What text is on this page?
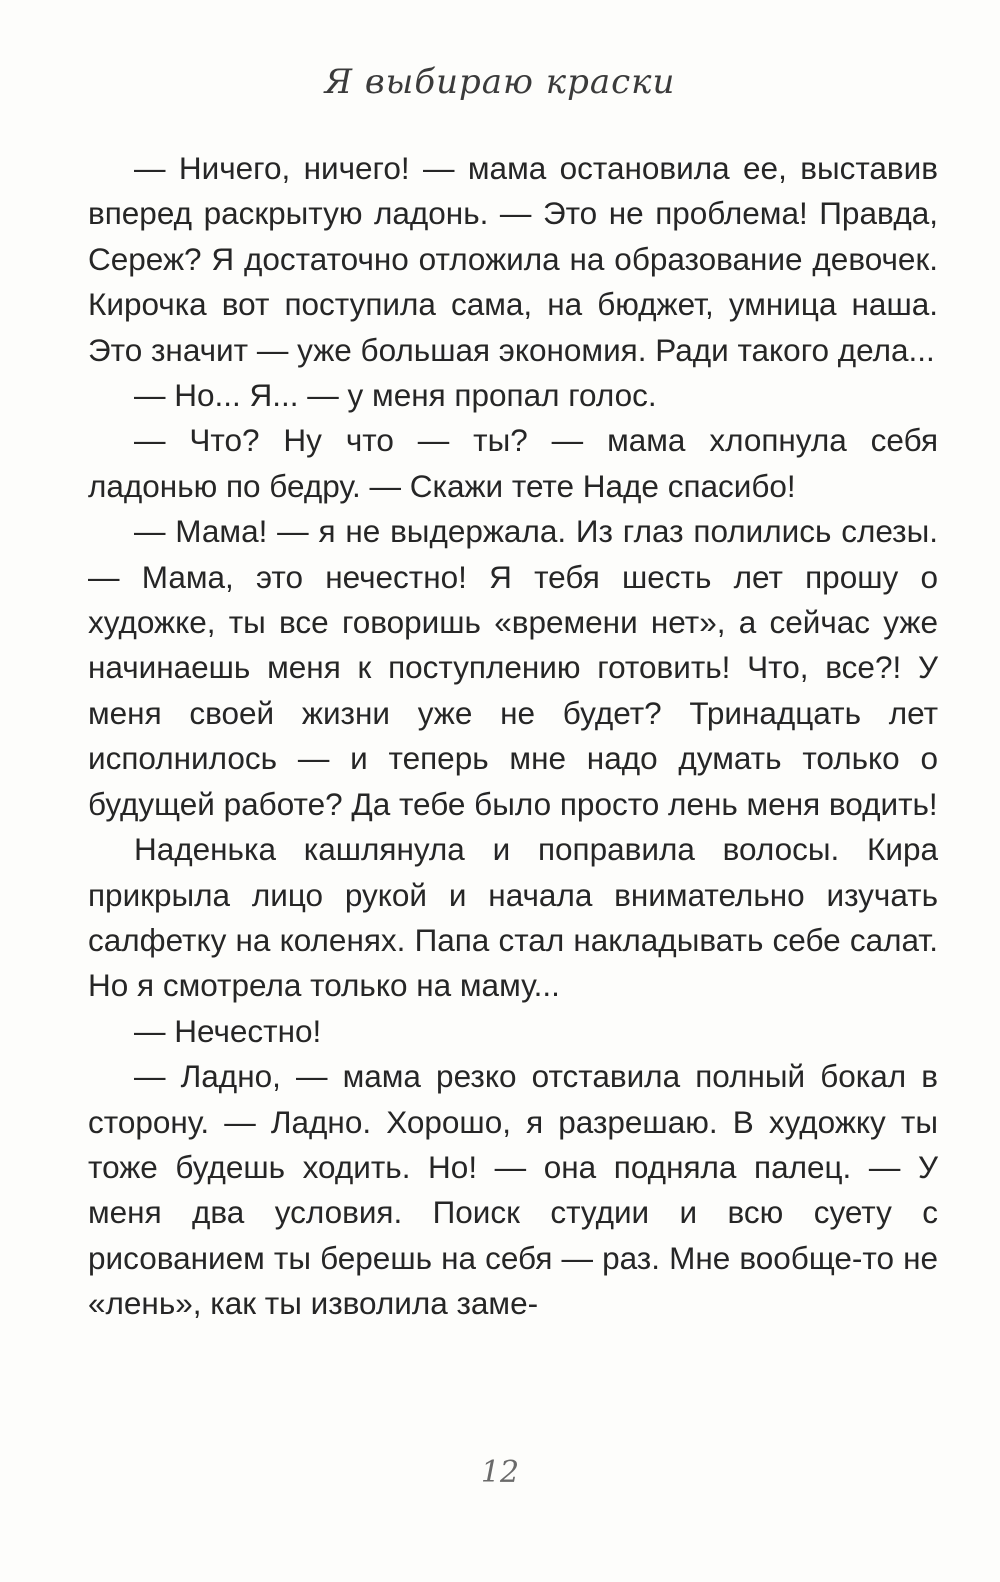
Я выбираю краски

— Ничего, ничего! — мама остановила ее, выставив вперед раскрытую ладонь. — Это не проблема! Правда, Сереж? Я достаточно отложила на образование девочек. Кирочка вот поступила сама, на бюджет, умница наша. Это значит — уже большая экономия. Ради такого дела...

— Но... Я... — у меня пропал голос.

— Что? Ну что — ты? — мама хлопнула себя ладонью по бедру. — Скажи тете Наде спасибо!

— Мама! — я не выдержала. Из глаз полились слезы. — Мама, это нечестно! Я тебя шесть лет прошу о художке, ты все говоришь «времени нет», а сейчас уже начинаешь меня к поступлению готовить! Что, все?! У меня своей жизни уже не будет? Тринадцать лет исполнилось — и теперь мне надо думать только о будущей работе? Да тебе было просто лень меня водить!

Наденька кашлянула и поправила волосы. Кира прикрыла лицо рукой и начала внимательно изучать салфетку на коленях. Папа стал накладывать себе салат. Но я смотрела только на маму...

— Нечестно!

— Ладно, — мама резко отставила полный бокал в сторону. — Ладно. Хорошо, я разрешаю. В художку ты тоже будешь ходить. Но! — она подняла палец. — У меня два условия. Поиск студии и всю суету с рисованием ты берешь на себя — раз. Мне вообще-то не «лень», как ты изволила заме-

12
